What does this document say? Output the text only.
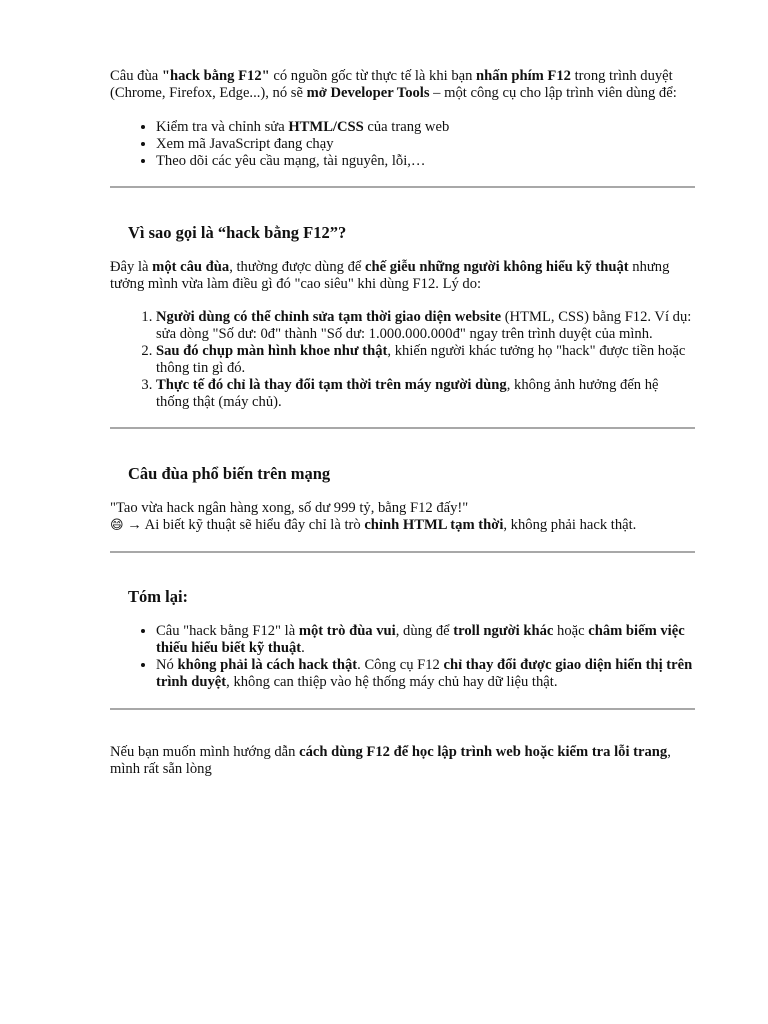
Câu đùa "hack bằng F12" có nguồn gốc từ thực tế là khi bạn nhấn phím F12 trong trình duyệt (Chrome, Firefox, Edge...), nó sẽ mở Developer Tools – một công cụ cho lập trình viên dùng để:

• Kiểm tra và chỉnh sửa HTML/CSS của trang web
• Xem mã JavaScript đang chạy
• Theo dõi các yêu cầu mạng, tài nguyên, lỗi,…
Vì sao gọi là “hack bằng F12”?

Đây là một câu đùa, thường được dùng để chế giễu những người không hiểu kỹ thuật nhưng tưởng mình vừa làm điều gì đó "cao siêu" khi dùng F12. Lý do:

1. Người dùng có thể chỉnh sửa tạm thời giao diện website (HTML, CSS) bằng F12. Ví dụ: sửa dòng "Số dư: 0đ" thành "Số dư: 1.000.000.000đ" ngay trên trình duyệt của mình.
2. Sau đó chụp màn hình khoe như thật, khiến người khác tưởng họ "hack" được tiền hoặc thông tin gì đó.
3. Thực tế đó chỉ là thay đổi tạm thời trên máy người dùng, không ảnh hưởng đến hệ thống thật (máy chủ).
Câu đùa phổ biến trên mạng

"Tao vừa hack ngân hàng xong, số dư 999 tỷ, bằng F12 đấy!"

😄 → Ai biết kỹ thuật sẽ hiểu đây chỉ là trò chỉnh HTML tạm thời, không phải hack thật.

Tóm lại:
• Câu "hack bằng F12" là một trò đùa vui, dùng để troll người khác hoặc châm biếm việc thiếu hiểu biết kỹ thuật.
• Nó không phải là cách hack thật. Công cụ F12 chỉ thay đổi được giao diện hiển thị trên trình duyệt, không can thiệp vào hệ thống máy chủ hay dữ liệu thật.

Nếu bạn muốn mình hướng dẫn cách dùng F12 để học lập trình web hoặc kiểm tra lỗi trang, mình rất sẵn lòng
